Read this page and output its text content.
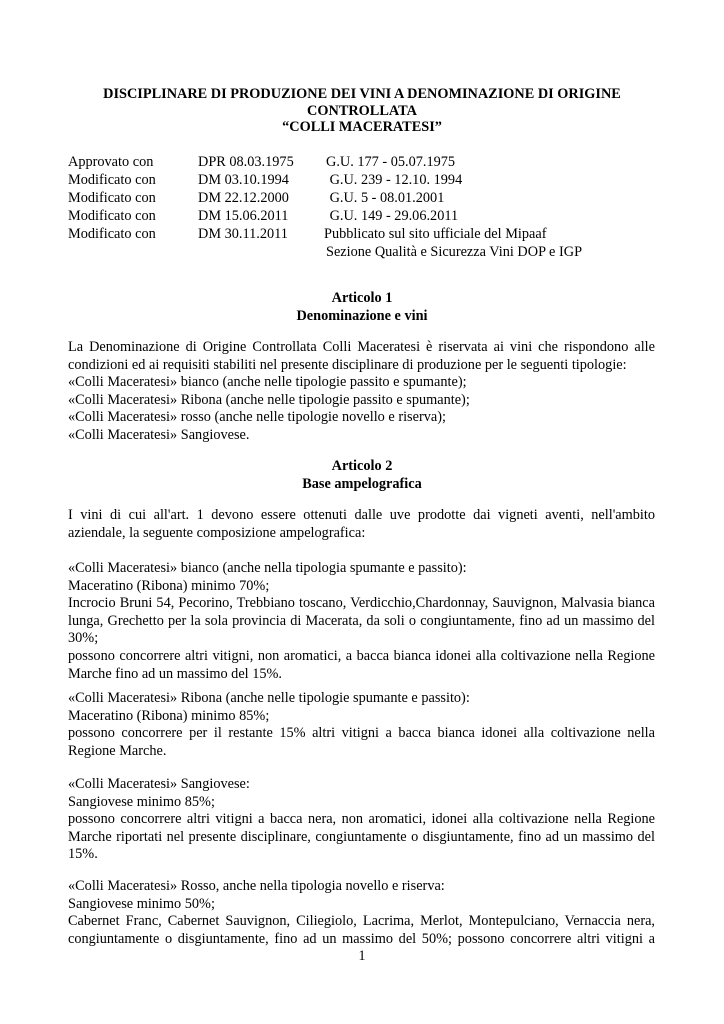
DISCIPLINARE DI PRODUZIONE DEI VINI A DENOMINAZIONE DI ORIGINE
CONTROLLATA
“COLLI MACERATESI”
Approvato con	DPR 08.03.1975 G.U. 177 - 05.07.1975
Modificato con	DM 03.10.1994	G.U. 239 - 12.10. 1994
Modificato con	DM 22.12.2000	G.U. 5 - 08.01.2001
Modificato con	DM 15.06.2011	G.U. 149 - 29.06.2011
Modificato con	DM 30.11.2011	Pubblicato sul sito ufficiale del Mipaaf
Sezione Qualità e Sicurezza Vini DOP e IGP
Articolo 1
Denominazione e vini

La Denominazione di Origine Controllata Colli Maceratesi è riservata ai vini che rispondono alle condizioni ed ai requisiti stabiliti nel presente disciplinare di produzione per le seguenti tipologie:

«Colli Maceratesi» bianco (anche nelle tipologie passito e spumante);

«Colli Maceratesi» Ribona (anche nelle tipologie passito e spumante);

«Colli Maceratesi» rosso (anche nelle tipologie novello e riserva);

«Colli Maceratesi» Sangiovese.

Articolo 2
Base ampelografica

I vini di cui all'art. 1 devono essere ottenuti dalle uve prodotte dai vigneti aventi, nell'ambito aziendale, la seguente composizione ampelografica:

«Colli Maceratesi» bianco (anche nella tipologia spumante e passito):

Maceratino (Ribona) minimo 70%;

Incrocio Bruni 54, Pecorino, Trebbiano toscano, Verdicchio,Chardonnay, Sauvignon, Malvasia bianca lunga, Grechetto per la sola provincia di Macerata, da soli o congiuntamente, fino ad un massimo del 30%;

possono concorrere altri vitigni, non aromatici, a bacca bianca idonei alla coltivazione nella Regione Marche fino ad un massimo del 15%.

«Colli Maceratesi» Ribona (anche nelle tipologie spumante e passito):

Maceratino (Ribona) minimo 85%;

possono concorrere per il restante 15% altri vitigni a bacca bianca idonei alla coltivazione nella Regione Marche.

«Colli Maceratesi» Sangiovese:

Sangiovese minimo 85%;

possono concorrere altri vitigni a bacca nera, non aromatici, idonei alla coltivazione nella Regione Marche riportati nel presente disciplinare, congiuntamente o disgiuntamente, fino ad un massimo del 15%.

«Colli Maceratesi» Rosso, anche nella tipologia novello e riserva:

Sangiovese minimo 50%;

Cabernet Franc, Cabernet Sauvignon, Ciliegiolo, Lacrima, Merlot, Montepulciano, Vernaccia nera, congiuntamente o disgiuntamente, fino ad un massimo del 50%; possono concorrere altri vitigni a

1
